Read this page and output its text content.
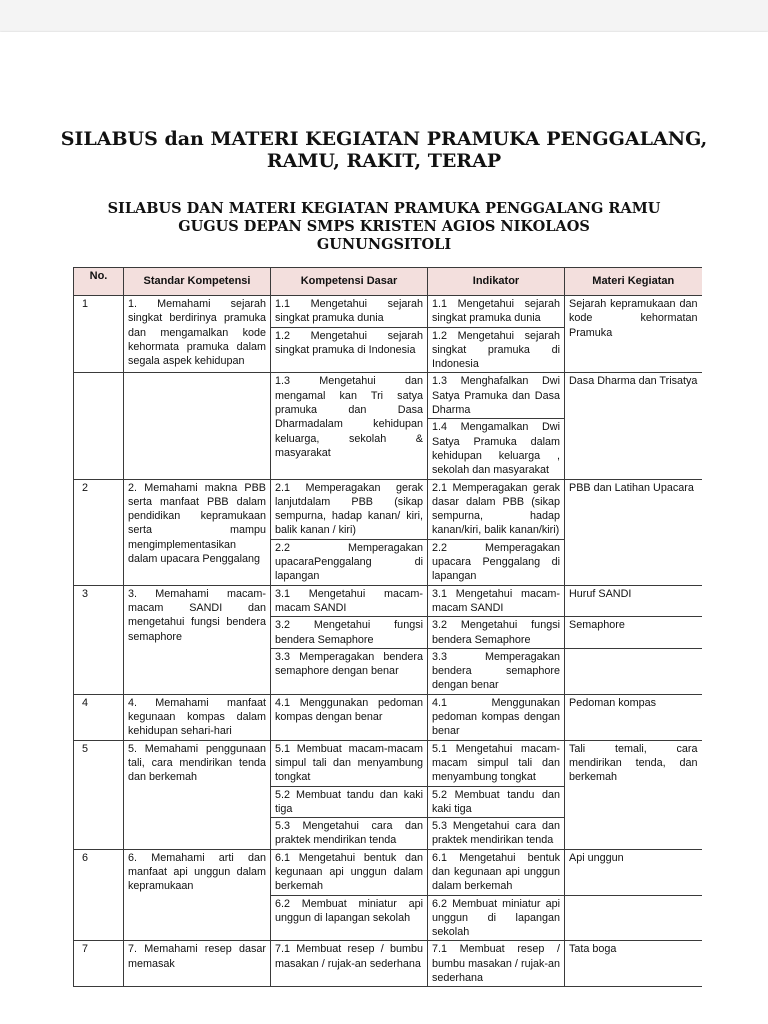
SILABUS dan MATERI KEGIATAN PRAMUKA PENGGALANG,
RAMU, RAKIT, TERAP
SILABUS DAN MATERI KEGIATAN PRAMUKA PENGGALANG RAMU
GUGUS DEPAN SMPS KRISTEN AGIOS NIKOLAOS
GUNUNGSITOLI
No.	Standar Kompetensi	Kompetensi Dasar	Indikator	Materi Kegiatan
1	1. Memahami sejarah singkat berdirinya pramuka dan mengamalkan kode kehormata pramuka dalam segala aspek kehidupan	1.1 Mengetahui sejarah singkat pramuka dunia	1.1 Mengetahui sejarah singkat pramuka dunia	Sejarah kepramukaan dan kode kehormatan Pramuka
		1.2 Mengetahui sejarah singkat pramuka di Indonesia	1.2 Mengetahui sejarah singkat pramuka di Indonesia	
		1.3 Mengetahui dan mengamal kan Tri satya pramuka dan Dasa Dharmadalam kehidupan keluarga, sekolah & masyarakat	1.3 Menghafalkan Dwi Satya Pramuka dan Dasa Dharma	Dasa Dharma dan Trisatya
			1.4 Mengamalkan Dwi Satya Pramuka dalam kehidupan keluarga , sekolah dan masyarakat	
2	2. Memahami makna PBB serta manfaat PBB dalam pendidikan kepramukaan serta mampu mengimplementasikan dalam upacara Penggalang	2.1 Memperagakan gerak lanjutdalam PBB (sikap sempurna, hadap kanan/ kiri, balik kanan / kiri)	2.1 Memperagakan gerak dasar dalam PBB (sikap sempurna, hadap kanan/kiri, balik kanan/kiri)	PBB dan Latihan Upacara
		2.2 Memperagakan upacaraPenggalang di lapangan	2.2 Memperagakan upacara Penggalang di lapangan	
3	3. Memahami macam-macam SANDI dan mengetahui fungsi bendera semaphore	3.1 Mengetahui macam-macam SANDI	3.1 Mengetahui macam-macam SANDI	Huruf SANDI
		3.2 Mengetahui fungsi bendera Semaphore	3.2 Mengetahui fungsi bendera Semaphore	Semaphore
		3.3 Memperagakan bendera semaphore dengan benar	3.3 Memperagakan bendera semaphore dengan benar	
4	4. Memahami manfaat kegunaan kompas dalam kehidupan sehari-hari	4.1 Menggunakan pedoman kompas dengan benar	4.1 Menggunakan pedoman kompas dengan benar	Pedoman kompas
5	5. Memahami penggunaan tali, cara mendirikan tenda dan berkemah	5.1 Membuat macam-macam simpul tali dan menyambung tongkat	5.1 Mengetahui macam-macam simpul tali dan menyambung tongkat	Tali temali, cara mendirikan tenda, dan berkemah
		5.2 Membuat tandu dan kaki tiga	5.2 Membuat tandu dan kaki tiga	
		5.3 Mengetahui cara dan praktek mendirikan tenda	5.3 Mengetahui cara dan praktek mendirikan tenda	
6	6. Memahami arti dan manfaat api unggun dalam kepramukaan	6.1 Mengetahui bentuk dan kegunaan api unggun dalam berkemah	6.1 Mengetahui bentuk dan kegunaan api unggun dalam berkemah	Api unggun
		6.2 Membuat miniatur api unggun di lapangan sekolah	6.2 Membuat miniatur api unggun di lapangan sekolah	
7	7. Memahami resep dasar memasak	7.1 Membuat resep / bumbu masakan / rujak-an sederhana	7.1 Membuat resep / bumbu masakan / rujak-an sederhana	Tata boga
